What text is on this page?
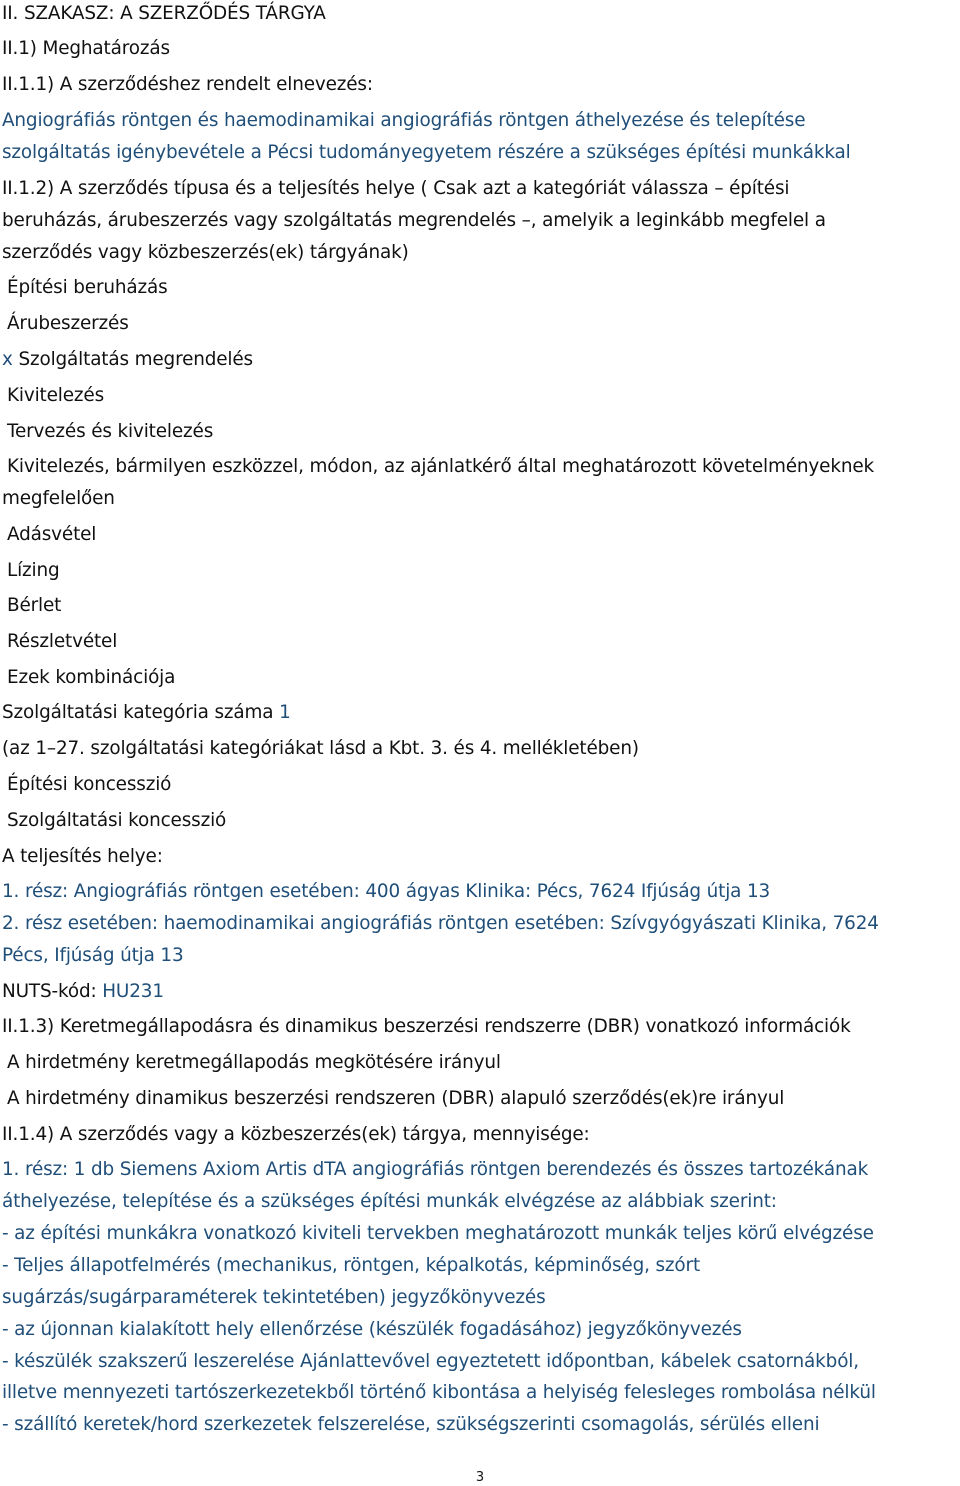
II. SZAKASZ: A SZERZŐDÉS TÁRGYA
II.1) Meghatározás
II.1.1) A szerződéshez rendelt elnevezés:
Angiográfiás röntgen és haemodinamikai angiográfiás röntgen áthelyezése és telepítése
szolgáltatás igénybevétele a Pécsi tudományegyetem részére a szükséges építési munkákkal
II.1.2) A szerződés típusa és a teljesítés helye ( Csak azt a kategóriát válassza – építési
beruházás, árubeszerzés vagy szolgáltatás megrendelés –, amelyik a leginkább megfelel a
szerződés vagy közbeszerzés(ek) tárgyának)
Építési beruházás
Árubeszerzés
x Szolgáltatás megrendelés
Kivitelezés
Tervezés és kivitelezés
Kivitelezés, bármilyen eszközzel, módon, az ajánlatkérő által meghatározott követelményeknek
megfelelően
Adásvétel
Lízing
Bérlet
Részletvétel
Ezek kombinációja
Szolgáltatási kategória száma 1
(az 1–27. szolgáltatási kategóriákat lásd a Kbt. 3. és 4. mellékletében)
Építési koncesszió
Szolgáltatási koncesszió
A teljesítés helye:
1. rész: Angiográfiás röntgen esetében: 400 ágyas Klinika: Pécs, 7624 Ifjúság útja 13
2. rész esetében: haemodinamikai angiográfiás röntgen esetében: Szívgyógyászati Klinika, 7624
Pécs, Ifjúság útja 13
NUTS-kód: HU231
II.1.3) Keretmegállapodásra és dinamikus beszerzési rendszerre (DBR) vonatkozó információk
A hirdetmény keretmegállapodás megkötésére irányul
A hirdetmény dinamikus beszerzési rendszeren (DBR) alapuló szerződés(ek)re irányul
II.1.4) A szerződés vagy a közbeszerzés(ek) tárgya, mennyisége:
1. rész: 1 db Siemens Axiom Artis dTA angiográfiás röntgen berendezés és összes tartozékának
áthelyezése, telepítése és a szükséges építési munkák elvégzése az alábbiak szerint:
- az építési munkákra vonatkozó kiviteli tervekben meghatározott munkák teljes körű elvégzése
- Teljes állapotfelmérés (mechanikus, röntgen, képalkotás, képminőség, szórt
sugárzás/sugárparaméterek tekintetében) jegyzőkönyvezés
- az újonnan kialakított hely ellenőrzése (készülék fogadásához) jegyzőkönyvezés
- készülék szakszerű leszerelése Ajánlattevővel egyeztetett időpontban, kábelek csatornákból,
illetve mennyezeti tartószerkezetekből történő kibontása a helyiség felesleges rombolása nélkül
- szállító keretek/hord szerkezetek felszerelése, szükségszerinti csomagolás, sérülés elleni
3
